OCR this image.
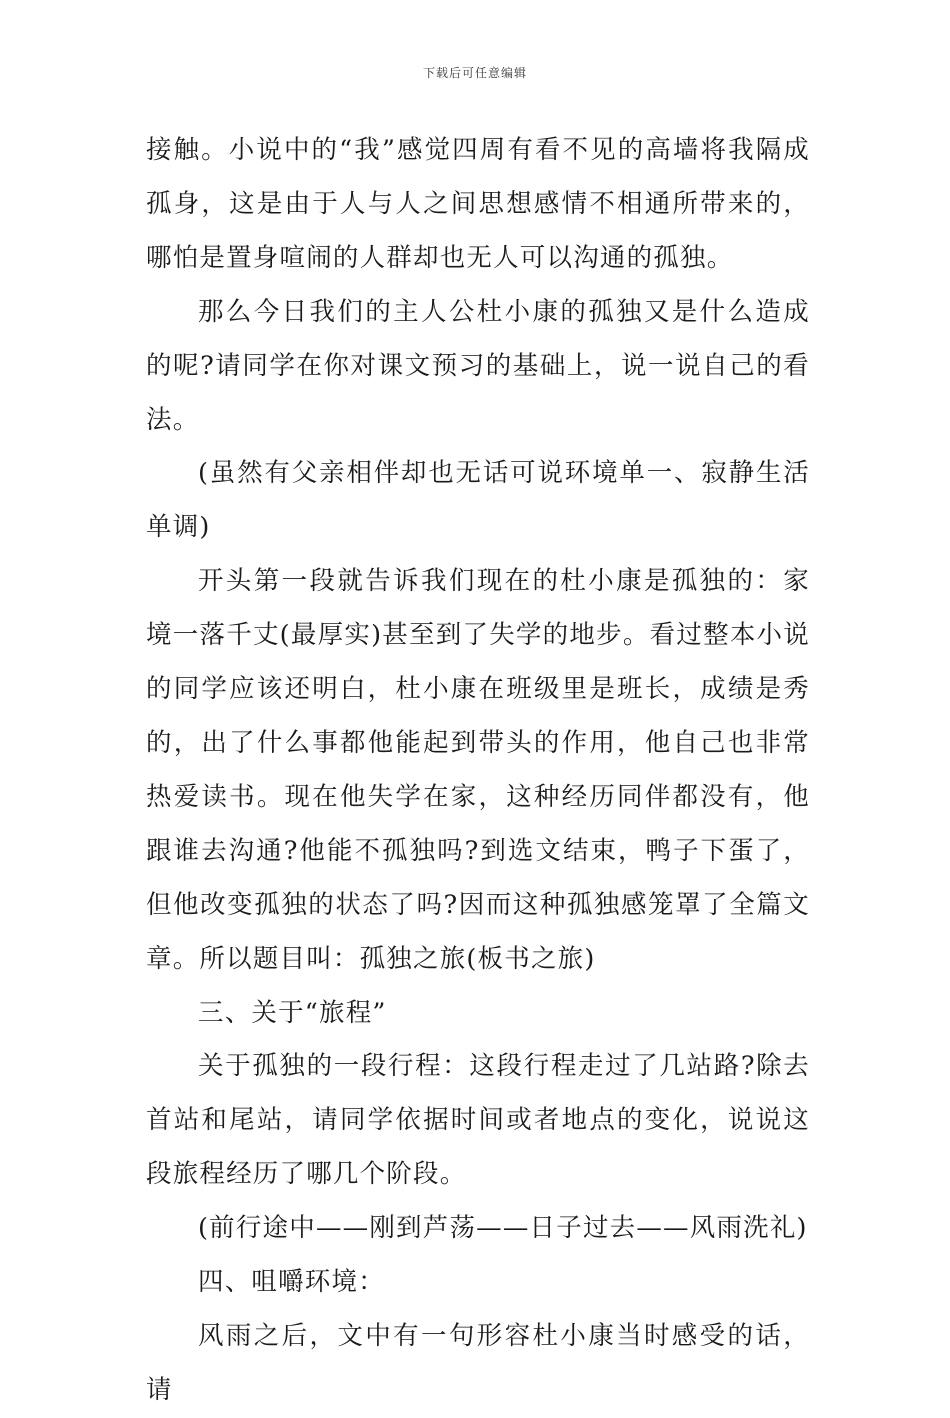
下载后可任意编辑

接触。小说中的“我”感觉四周有看不见的高墙将我隔成孤身，这是由于人与人之间思想感情不相通所带来的，哪怕是置身喧闹的人群却也无人可以沟通的孤独。

那么今日我们的主人公杜小康的孤独又是什么造成的呢?请同学在你对课文预习的基础上，说一说自己的看法。

(虽然有父亲相伴却也无话可说环境单一、寂静生活单调)

开头第一段就告诉我们现在的杜小康是孤独的：家境一落千丈(最厚实)甚至到了失学的地步。看过整本小说的同学应该还明白，杜小康在班级里是班长，成绩是秀的，出了什么事都他能起到带头的作用，他自己也非常热爱读书。现在他失学在家，这种经历同伴都没有，他跟谁去沟通?他能不孤独吗?到选文结束，鸭子下蛋了，但他改变孤独的状态了吗?因而这种孤独感笼罩了全篇文章。所以题目叫：孤独之旅(板书之旅)

三、关于“旅程”

关于孤独的一段行程：这段行程走过了几站路?除去首站和尾站，请同学依据时间或者地点的变化，说说这段旅程经历了哪几个阶段。

(前行途中——刚到芦荡——日子过去——风雨洗礼)

四、咀嚼环境：

风雨之后，文中有一句形容杜小康当时感受的话，请
